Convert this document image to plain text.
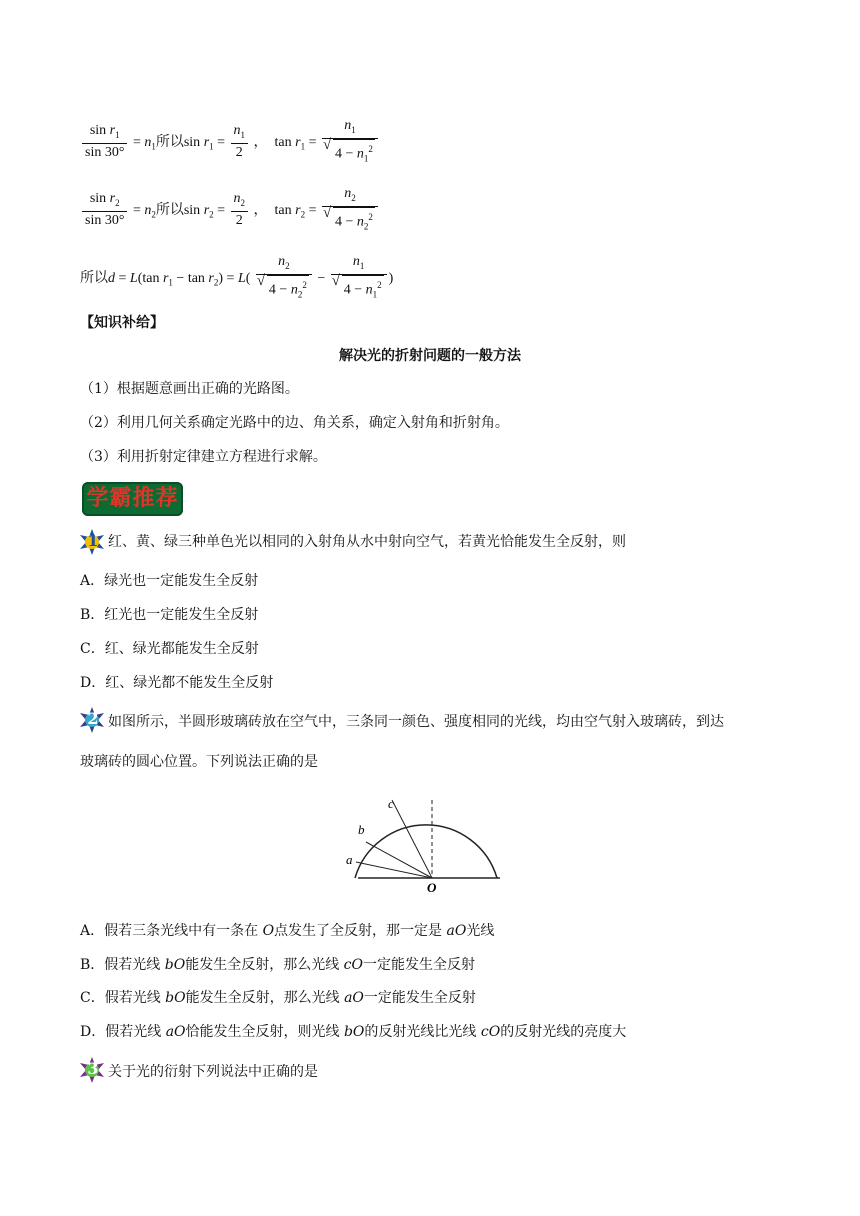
$\frac{\sin r_1}{\sin 30^\circ} = n_1$所以$\sin r_1 = \frac{n_1}{2}$ ，  $\tan r_1 = n_1$
√ $4 - n_1^2$
$\frac{\sin r_2}{\sin 30^\circ} = n_2$所以$\sin r_2 = \frac{n_2}{2}$ ，  $\tan r_2 = n_2$
√ $4 - n_2^2$
所以d = L(tan $r_1 - \tan r_2) = L$( $n_2$
√ $4 - n_2^2 - n_1$
√ $4 - n_1^2$ )
【知识补给】
解决光的折射问题的一般方法
（1）根据题意画出正确的光路图。
（2）利用几何关系确定光路中的边、角关系，确定入射角和折射角。
（3）利用折射定律建立方程进行求解。
学霸推荐
1 红、黄、绿三种单色光以相同的入射角从水中射向空气，若黄光恰能发生全反射，则
A．绿光也一定能发生全反射
B．红光也一定能发生全反射
C．红、绿光都能发生全反射
D．红、绿光都不能发生全反射
2 如图所示，半圆形玻璃砖放在空气中，三条同一颜色、强度相同的光线，均由空气射入玻璃砖，到达
玻璃砖的圆心位置。下列说法正确的是
c
b
a
O
A．假若三条光线中有一条在 O点发生了全反射，那一定是 aO光线
B．假若光线 bO能发生全反射，那么光线 cO一定能发生全反射
C．假若光线 bO能发生全反射，那么光线 aO一定能发生全反射
D．假若光线 aO恰能发生全反射，则光线 bO的反射光线比光线 cO的反射光线的亮度大
3 关于光的衍射下列说法中正确的是
